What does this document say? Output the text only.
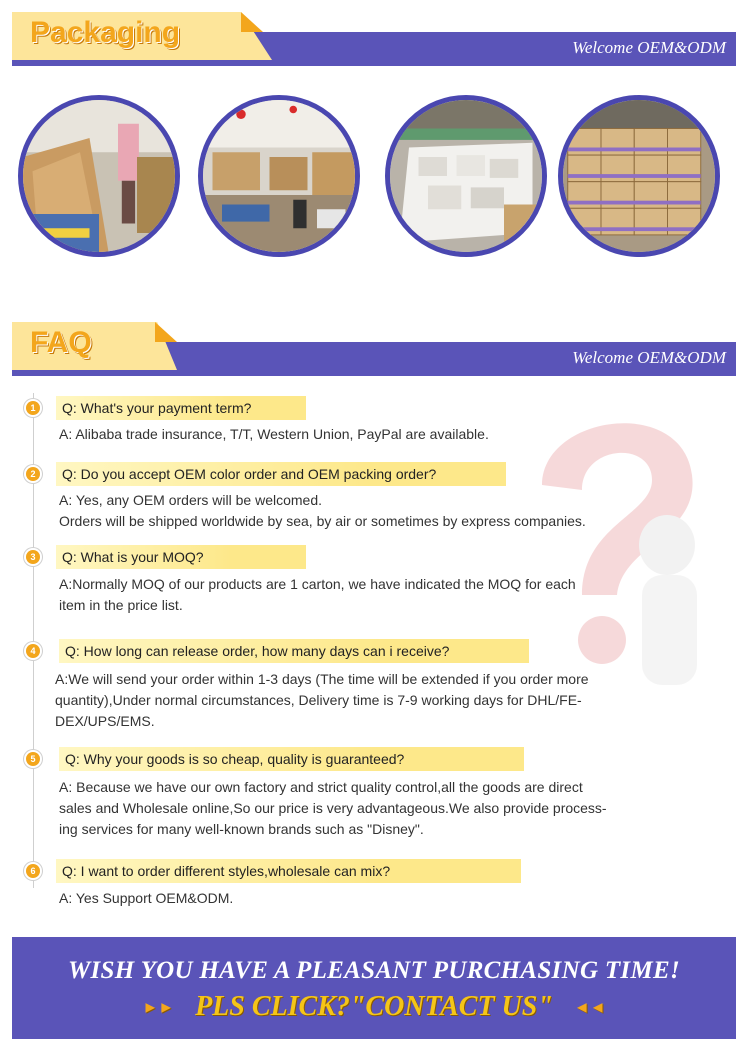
Packaging	Welcome OEM&ODM
FAQ	Welcome OEM&ODM
1	Q: What's your payment term?
A: Alibaba trade insurance, T/T, Western Union, PayPal are available.
2	Q: Do you accept OEM color order and OEM packing order?
A: Yes, any OEM orders will be welcomed.
Orders will be shipped worldwide by sea, by air or sometimes by express companies.
3	Q: What is your MOQ?
A:Normally MOQ of our products are 1 carton, we have indicated the MOQ for each
item in the price list.
4	Q: How long can release order, how many days can i receive?
A:We will send your order within 1-3 days (The time will be extended if you order more
quantity),Under normal circumstances, Delivery time is 7-9 working days for DHL/FE-
DEX/UPS/EMS.
5	Q: Why your goods is so cheap, quality is guaranteed?
A: Because we have our own factory and strict quality control,all the goods are direct
sales and Wholesale online,So our price is very advantageous.We also provide process-
ing services for many well-known brands such as "Disney".
6	Q: I want to order different styles,wholesale can mix?
A: Yes Support OEM&ODM.
WISH YOU HAVE A PLEASANT PURCHASING TIME!
►► PLS CLICK?"CONTACT US" ◄◄
